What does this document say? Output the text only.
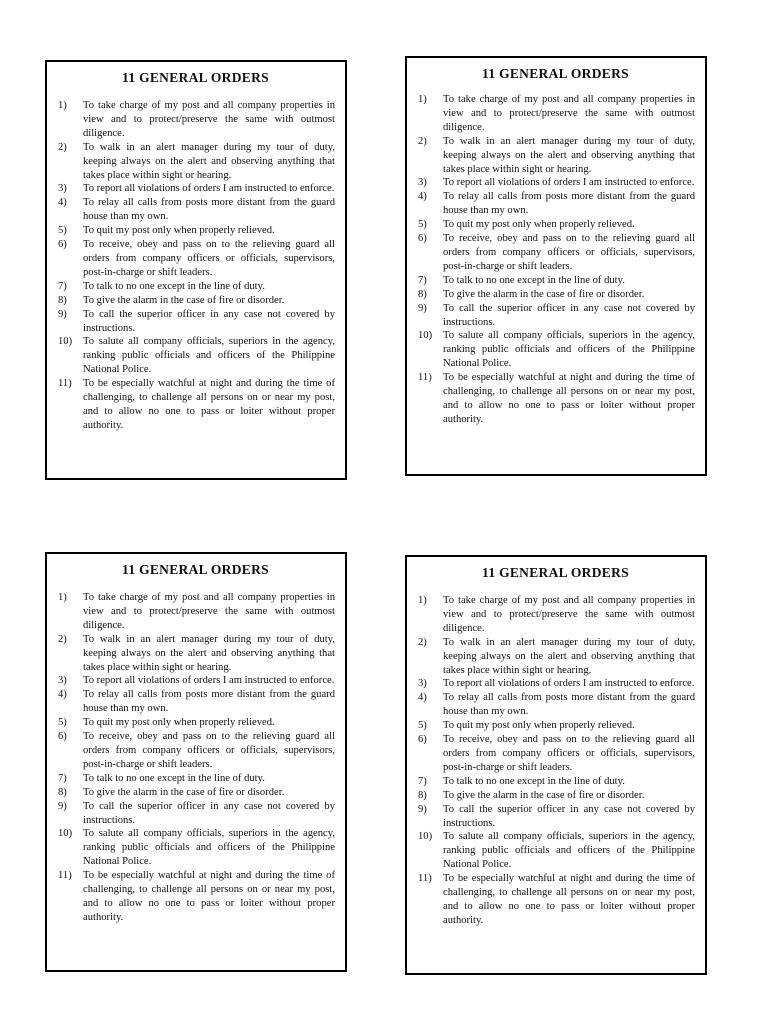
11 GENERAL ORDERS
1) To take charge of my post and all company properties in view and to protect/preserve the same with outmost diligence.
2) To walk in an alert manager during my tour of duty, keeping always on the alert and observing anything that takes place within sight or hearing.
3) To report all violations of orders I am instructed to enforce.
4) To relay all calls from posts more distant from the guard house than my own.
5) To quit my post only when properly relieved.
6) To receive, obey and pass on to the relieving guard all orders from company officers or officials, supervisors, post-in-charge or shift leaders.
7) To talk to no one except in the line of duty.
8) To give the alarm in the case of fire or disorder.
9) To call the superior officer in any case not covered by instructions.
10) To salute all company officials, superiors in the agency, ranking public officials and officers of the Philippine National Police.
11) To be especially watchful at night and during the time of challenging, to challenge all persons on or near my post, and to allow no one to pass or loiter without proper authority.
11 GENERAL ORDERS
1) To take charge of my post and all company properties in view and to protect/preserve the same with outmost diligence.
2) To walk in an alert manager during my tour of duty, keeping always on the alert and observing anything that takes place within sight or hearing.
3) To report all violations of orders I am instructed to enforce.
4) To relay all calls from posts more distant from the guard house than my own.
5) To quit my post only when properly relieved.
6) To receive, obey and pass on to the relieving guard all orders from company officers or officials, supervisors, post-in-charge or shift leaders.
7) To talk to no one except in the line of duty.
8) To give the alarm in the case of fire or disorder.
9) To call the superior officer in any case not covered by instructions.
10) To salute all company officials, superiors in the agency, ranking public officials and officers of the Philippine National Police.
11) To be especially watchful at night and during the time of challenging, to challenge all persons on or near my post, and to allow no one to pass or loiter without proper authority.
11 GENERAL ORDERS
1) To take charge of my post and all company properties in view and to protect/preserve the same with outmost diligence.
2) To walk in an alert manager during my tour of duty, keeping always on the alert and observing anything that takes place within sight or hearing.
3) To report all violations of orders I am instructed to enforce.
4) To relay all calls from posts more distant from the guard house than my own.
5) To quit my post only when properly relieved.
6) To receive, obey and pass on to the relieving guard all orders from company officers or officials, supervisors, post-in-charge or shift leaders.
7) To talk to no one except in the line of duty.
8) To give the alarm in the case of fire or disorder.
9) To call the superior officer in any case not covered by instructions.
10) To salute all company officials, superiors in the agency, ranking public officials and officers of the Philippine National Police.
11) To be especially watchful at night and during the time of challenging, to challenge all persons on or near my post, and to allow no one to pass or loiter without proper authority.
11 GENERAL ORDERS
1) To take charge of my post and all company properties in view and to protect/preserve the same with outmost diligence.
2) To walk in an alert manager during my tour of duty, keeping always on the alert and observing anything that takes place within sight or hearing.
3) To report all violations of orders I am instructed to enforce.
4) To relay all calls from posts more distant from the guard house than my own.
5) To quit my post only when properly relieved.
6) To receive, obey and pass on to the relieving guard all orders from company officers or officials, supervisors, post-in-charge or shift leaders.
7) To talk to no one except in the line of duty.
8) To give the alarm in the case of fire or disorder.
9) To call the superior officer in any case not covered by instructions.
10) To salute all company officials, superiors in the agency, ranking public officials and officers of the Philippine National Police.
11) To be especially watchful at night and during the time of challenging, to challenge all persons on or near my post, and to allow no one to pass or loiter without proper authority.
